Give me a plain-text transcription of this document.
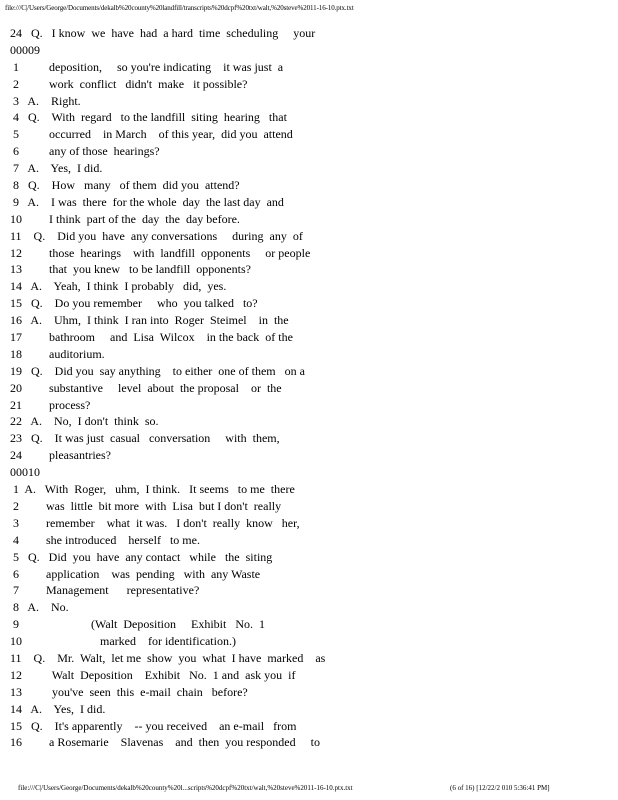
file:///C|/Users/George/Documents/dekalb%20county%20landfill/transcripts%20dcpf%20txt/walt,%20steve%2011-16-10.ptx.txt
24   Q.   I know  we  have  had  a hard  time  scheduling     your
00009
1          deposition,     so you're indicating    it was just  a
2          work  conflict   didn't  make   it possible?
3   A.    Right.
4   Q.    With  regard   to the landfill  siting  hearing   that
5          occurred    in March    of this year,  did you  attend
6          any of those  hearings?
7   A.    Yes,  I did.
8   Q.    How   many   of them  did you  attend?
9   A.    I was  there  for the whole  day  the last day  and
10         I think  part of the  day  the  day before.
11    Q.    Did you  have  any conversations     during  any  of
12         those  hearings    with  landfill  opponents     or people
13         that  you knew   to be landfill  opponents?
14   A.    Yeah,  I think  I probably   did,  yes.
15   Q.    Do you remember     who  you talked   to?
16   A.    Uhm,  I think  I ran into  Roger  Steimel    in  the
17         bathroom     and  Lisa  Wilcox    in the back  of the
18         auditorium.
19   Q.    Did you  say anything    to either  one of them   on a
20         substantive     level  about  the proposal    or  the
21         process?
22   A.    No,  I don't  think  so.
23   Q.    It was just  casual   conversation     with  them,
24         pleasantries?
00010
1  A.   With  Roger,   uhm,  I think.   It seems   to me  there
2         was  little  bit more  with  Lisa  but I don't  really
3         remember    what  it was.   I don't  really  know   her,
4         she introduced    herself   to me.
5   Q.   Did  you  have  any contact   while   the  siting
6         application    was  pending   with  any Waste
7         Management      representative?
8   A.    No.
9                        (Walt  Deposition     Exhibit   No.  1
10                          marked    for identification.)
11    Q.    Mr.  Walt,  let me  show  you  what  I have  marked    as
12          Walt  Deposition    Exhibit   No.  1 and  ask you  if
13          you've  seen  this  e-mail  chain   before?
14   A.    Yes,  I did.
15   Q.    It's apparently    -- you received    an e-mail   from
16         a Rosemarie    Slavenas    and  then  you responded     to
file:///C|/Users/George/Documents/dekalb%20county%20l...scripts%20dcpf%20txt/walt,%20steve%2011-16-10.ptx.txt	(6 of 16) [12/22/2 010 5:36:41 PM]
